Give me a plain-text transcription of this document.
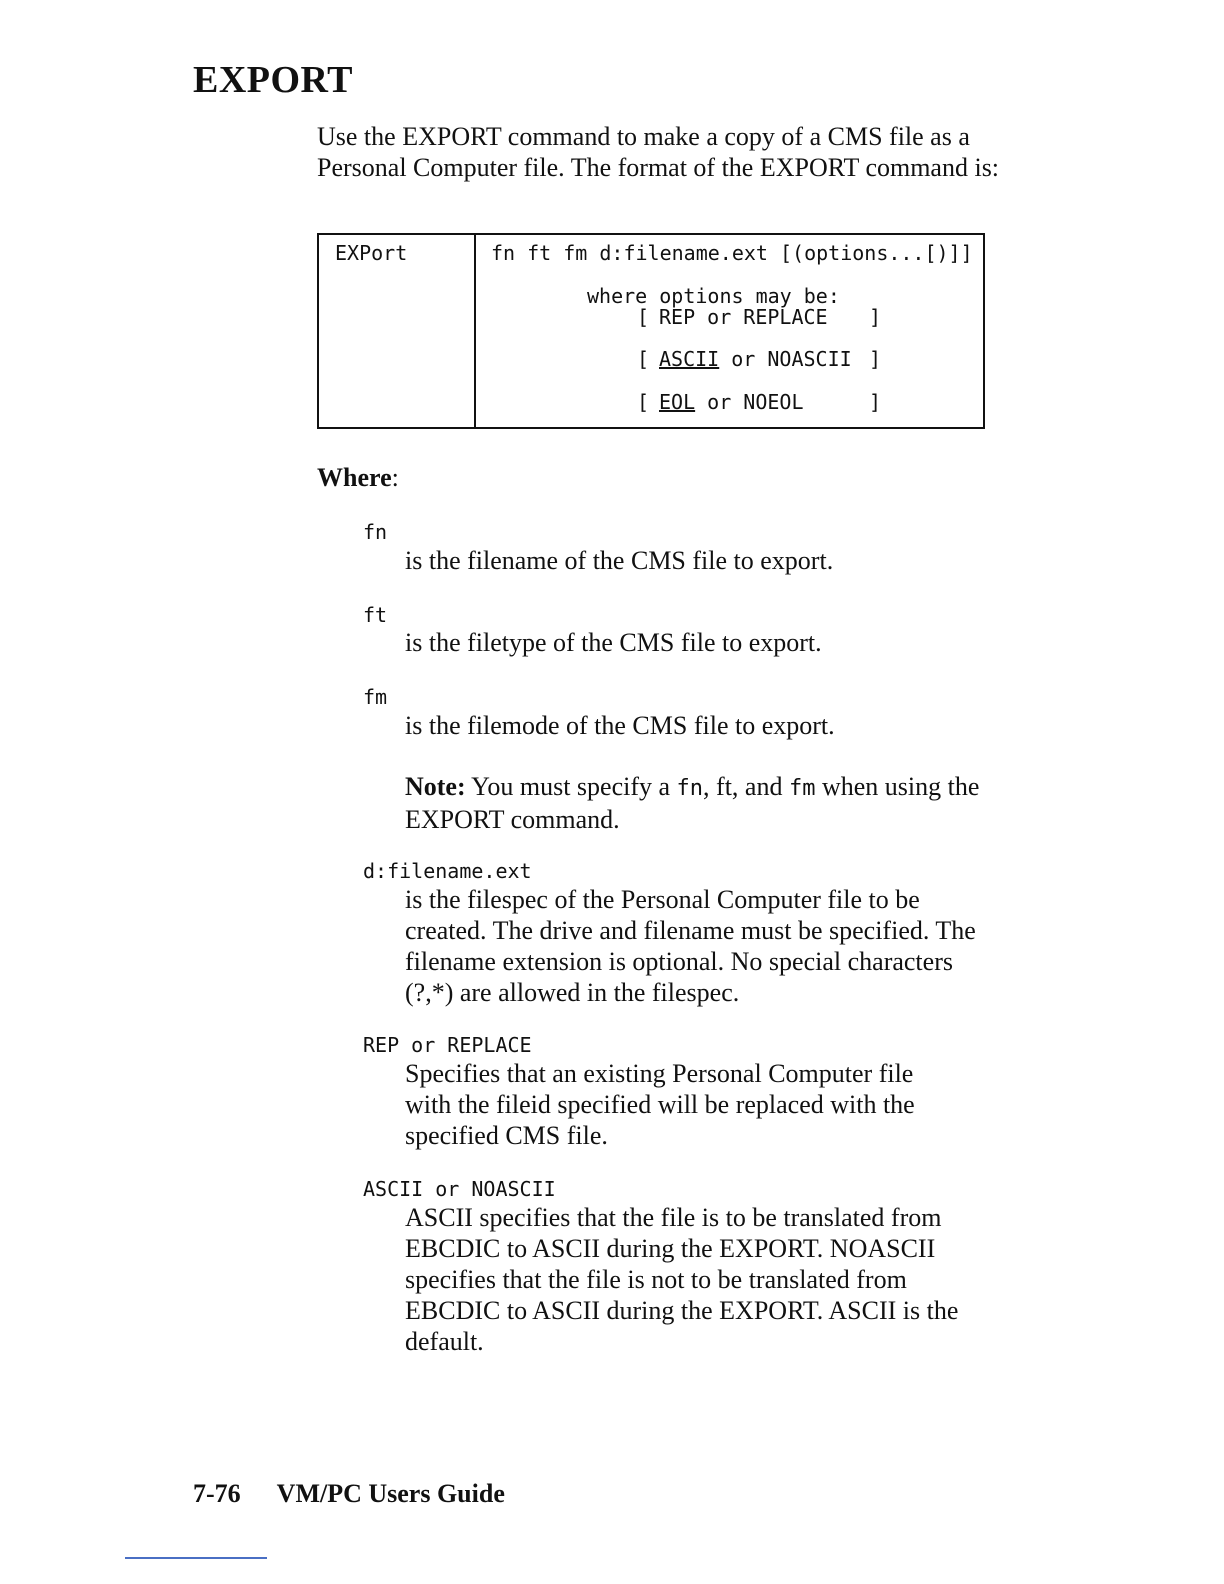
EXPORT

Use the EXPORT command to make a copy of a CMS file as a Personal Computer file. The format of the EXPORT command is:

EXPort	fn ft fm d:filename.ext [(options...[)]]
where options may be:
[ REP or REPLACE ]
[ ASCII or NOASCII ]
[ EOL or NOEOL	]

Where:

fn

is the filename of the CMS file to export.

ft

is the filetype of the CMS file to export.

fm

is the filemode of the CMS file to export.

Note: You must specify a fn, ft, and fm when using the EXPORT command.

d:filename.ext

is the filespec of the Personal Computer file to be created. The drive and filename must be specified. The filename extension is optional. No special characters (?,*) are allowed in the filespec.

REP or REPLACE

Specifies that an existing Personal Computer file with the fileid specified will be replaced with the specified CMS file.

ASCII or NOASCII

ASCII specifies that the file is to be translated from EBCDIC to ASCII during the EXPORT. NOASCII specifies that the file is not to be translated from EBCDIC to ASCII during the EXPORT. ASCII is the default.

7-76 VM/PC Users Guide
